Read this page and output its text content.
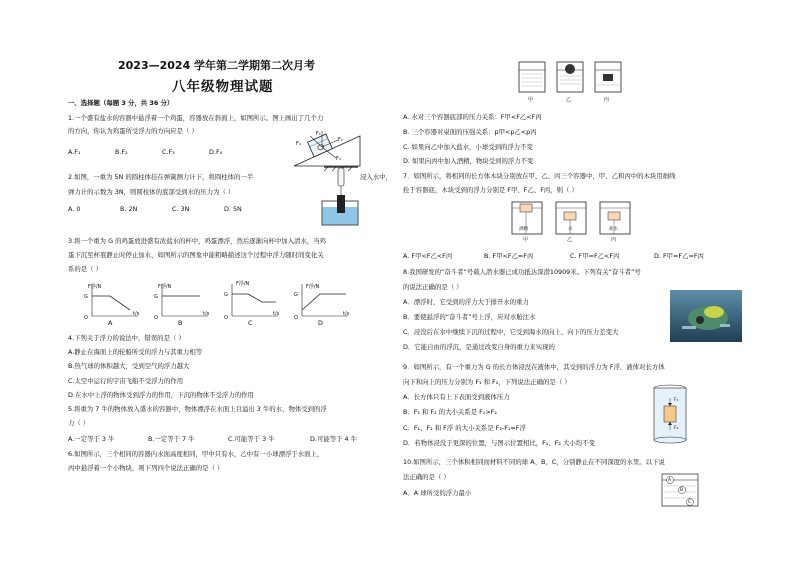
2023—2024 学年第二学期第二次月考
八年级物理试题
一、选择题（每题 3 分，共 36 分）
1.一个盛有盐水的容器中悬浮着一个鸡蛋，容器放在斜面上，如图所示。图上画出了几个力
的方向，你认为鸡蛋所受浮力的方向应是（ ）
A.F₁	B.F₂	C.F₃	D.F₄
F₄
F₁
F₂
F₃
2.如图，一重为 5N 的圆柱体挂在弹簧测力计下，将圆柱体的一半	浸入水中，
弹力计的示数为 3N，则圆柱体的底部受到水的压力为（ ）
A. 0	B. 2N	C. 3N	D. 5N
3.将一个重为 G 的鸡蛋放进盛有浓盐水的杯中，鸡蛋漂浮，然后逐渐向杯中加入清水，当鸡
蛋下沉至杯底静止时停止加水，如图所示的图象中能粗略描述这个过程中浮力随时间变化关
系的是（ ）
F浮/N	F浮/N	F浮/N	F浮/N
G	G	G	G
O	O	O	O
t/s	t/s	t/s	t/s
A	B	C	D
4.下列关于浮力的说法中，错误的是（ ）
A.静止在海面上的轮船所受的浮力与其重力相等
B.热气球的体积越大，受到空气的浮力越大
C.太空中运行的宇宙飞船不受浮力的作用
D.在水中上浮的物体受到浮力的作用，下沉的物体不受浮力的作用
5.将重为 7 牛的物体放入盛水的容器中，物体漂浮在水面上且溢出 3 牛的水，物体受到的浮
力（ ）
A.一定等于 3 牛	B.一定等于 7 牛	C.可能等于 3 牛	D.可能等于 4 牛
6.如图所示，三个相同的容器内水面高度相同，甲中只有水，乙中有一小球漂浮于水面上，
丙中悬浮着一个小物块，则下列四个说法正确的是（ ）
甲	乙	丙
A. 水对三个容器底部的压力关系：F甲<F乙<F丙
B. 三个容器对桌面的压强关系：p甲<p乙<p丙
C. 如果向乙中加入盐水，小球受到的浮力不变
D. 如果向丙中加入酒精，物块受到的浮力不变
7．如图所示，将相同的长方体木块分别放在甲、乙、丙三个容器中，甲、乙和丙中的木块用细线
拴于容器底，木块受到的浮力分别是 F甲、F乙、F丙，则（ ）
酒精	水	盐水
甲	乙	丙
A. F甲<F乙<F丙	B. F甲<F乙=F丙	C. F甲=F乙<F丙	D. F甲=F乙=F丙
8.我国研发的“奋斗者”号载人潜水器已成功抵达深潜10909米。下列有关“奋斗者”号
的说法正确的是（ ）
A．漂浮时，它受到的浮力大于排开水的重力
B．要使悬浮的“奋斗者”号上浮，应对水舱注水
C．浸没后在水中继续下沉的过程中，它受到海水的向上、向下的压力差变大
D．它能自由的浮沉，是通过改变自身的重力来实现的
9．如图所示，有一个重力为 G 的长方体浸没在液体中，其受到的浮力为 F浮，液体对长方体
向下和向上的压力分别为 F₁ 和 F₂，下列说法正确的是（ ）
A．长方体只有上下表面受到液体压力
B．F₁ 和 F₂ 的大小关系是 F₁>F₂
C．F₁、F₂ 和 F浮 的大小关系是 F₂-F₁=F浮
D．若物体浸没于更深的位置，与图示位置相比，F₁、F₂ 大小均不变
F₁
F₂
10.如图所示，三个体积相同而材料不同的球 A、B、C，分别静止在不同深度的水里。以下说
法正确的是（ ）
A．A 球所受的浮力最小
A
B
C
